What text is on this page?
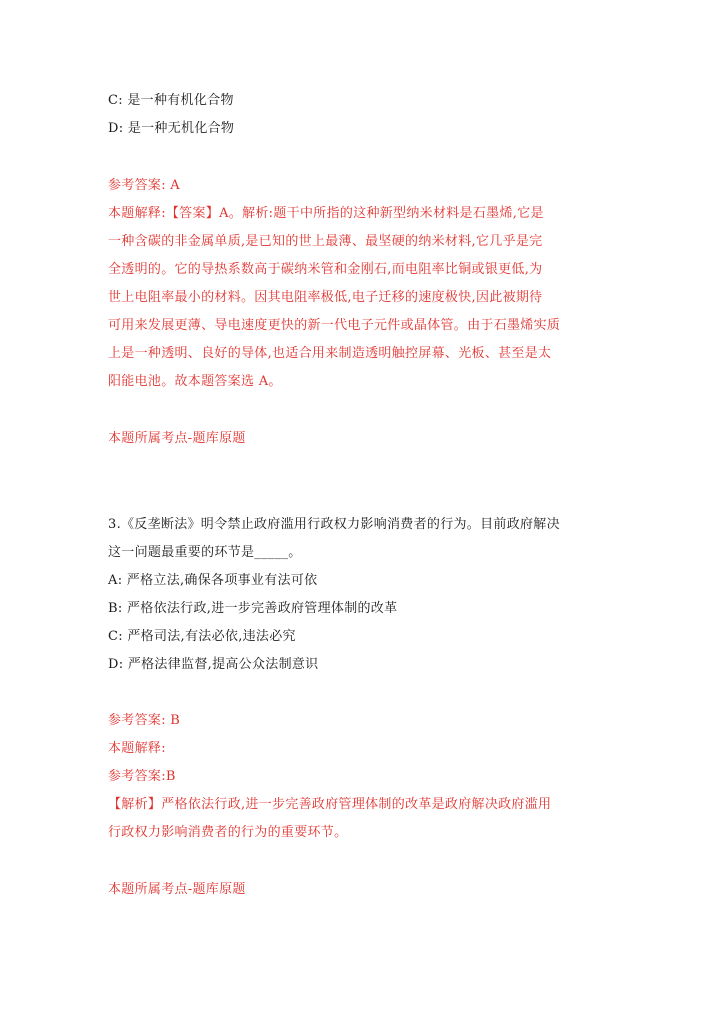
C: 是一种有机化合物
D: 是一种无机化合物
参考答案: A
本题解释:【答案】A。解析:题干中所指的这种新型纳米材料是石墨烯,它是
一种含碳的非金属单质,是已知的世上最薄、最坚硬的纳米材料,它几乎是完
全透明的。它的导热系数高于碳纳米管和金刚石,而电阻率比铜或银更低,为
世上电阻率最小的材料。因其电阻率极低,电子迁移的速度极快,因此被期待
可用来发展更薄、导电速度更快的新一代电子元件或晶体管。由于石墨烯实质
上是一种透明、良好的导体,也适合用来制造透明触控屏幕、光板、甚至是太
阳能电池。故本题答案选 A。
本题所属考点-题库原题
3.《反垄断法》明令禁止政府滥用行政权力影响消费者的行为。目前政府解决
这一问题最重要的环节是_____。
A: 严格立法,确保各项事业有法可依
B: 严格依法行政,进一步完善政府管理体制的改革
C: 严格司法,有法必依,违法必究
D: 严格法律监督,提高公众法制意识
参考答案: B
本题解释:
参考答案:B
【解析】严格依法行政,进一步完善政府管理体制的改革是政府解决政府滥用
行政权力影响消费者的行为的重要环节。
本题所属考点-题库原题
